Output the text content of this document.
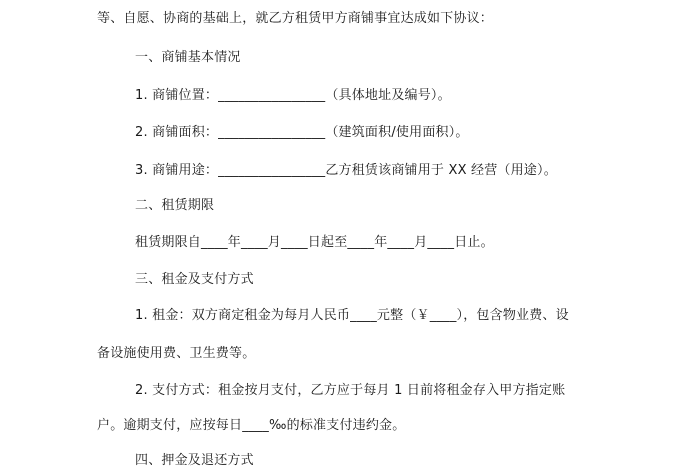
等、自愿、协商的基础上，就乙方租赁甲方商铺事宜达成如下协议：
一、商铺基本情况
1. 商铺位置：________________（具体地址及编号）。
2. 商铺面积：________________（建筑面积/使用面积）。
3. 商铺用途：________________乙方租赁该商铺用于 XX 经营（用途）。
二、租赁期限
租赁期限自____年____月____日起至____年____月____日止。
三、租金及支付方式
1. 租金：双方商定租金为每月人民币____元整（￥____），包含物业费、设
备设施使用费、卫生费等。
2. 支付方式：租金按月支付，乙方应于每月 1 日前将租金存入甲方指定账
户。逾期支付，应按每日____‰的标准支付违约金。
四、押金及退还方式
